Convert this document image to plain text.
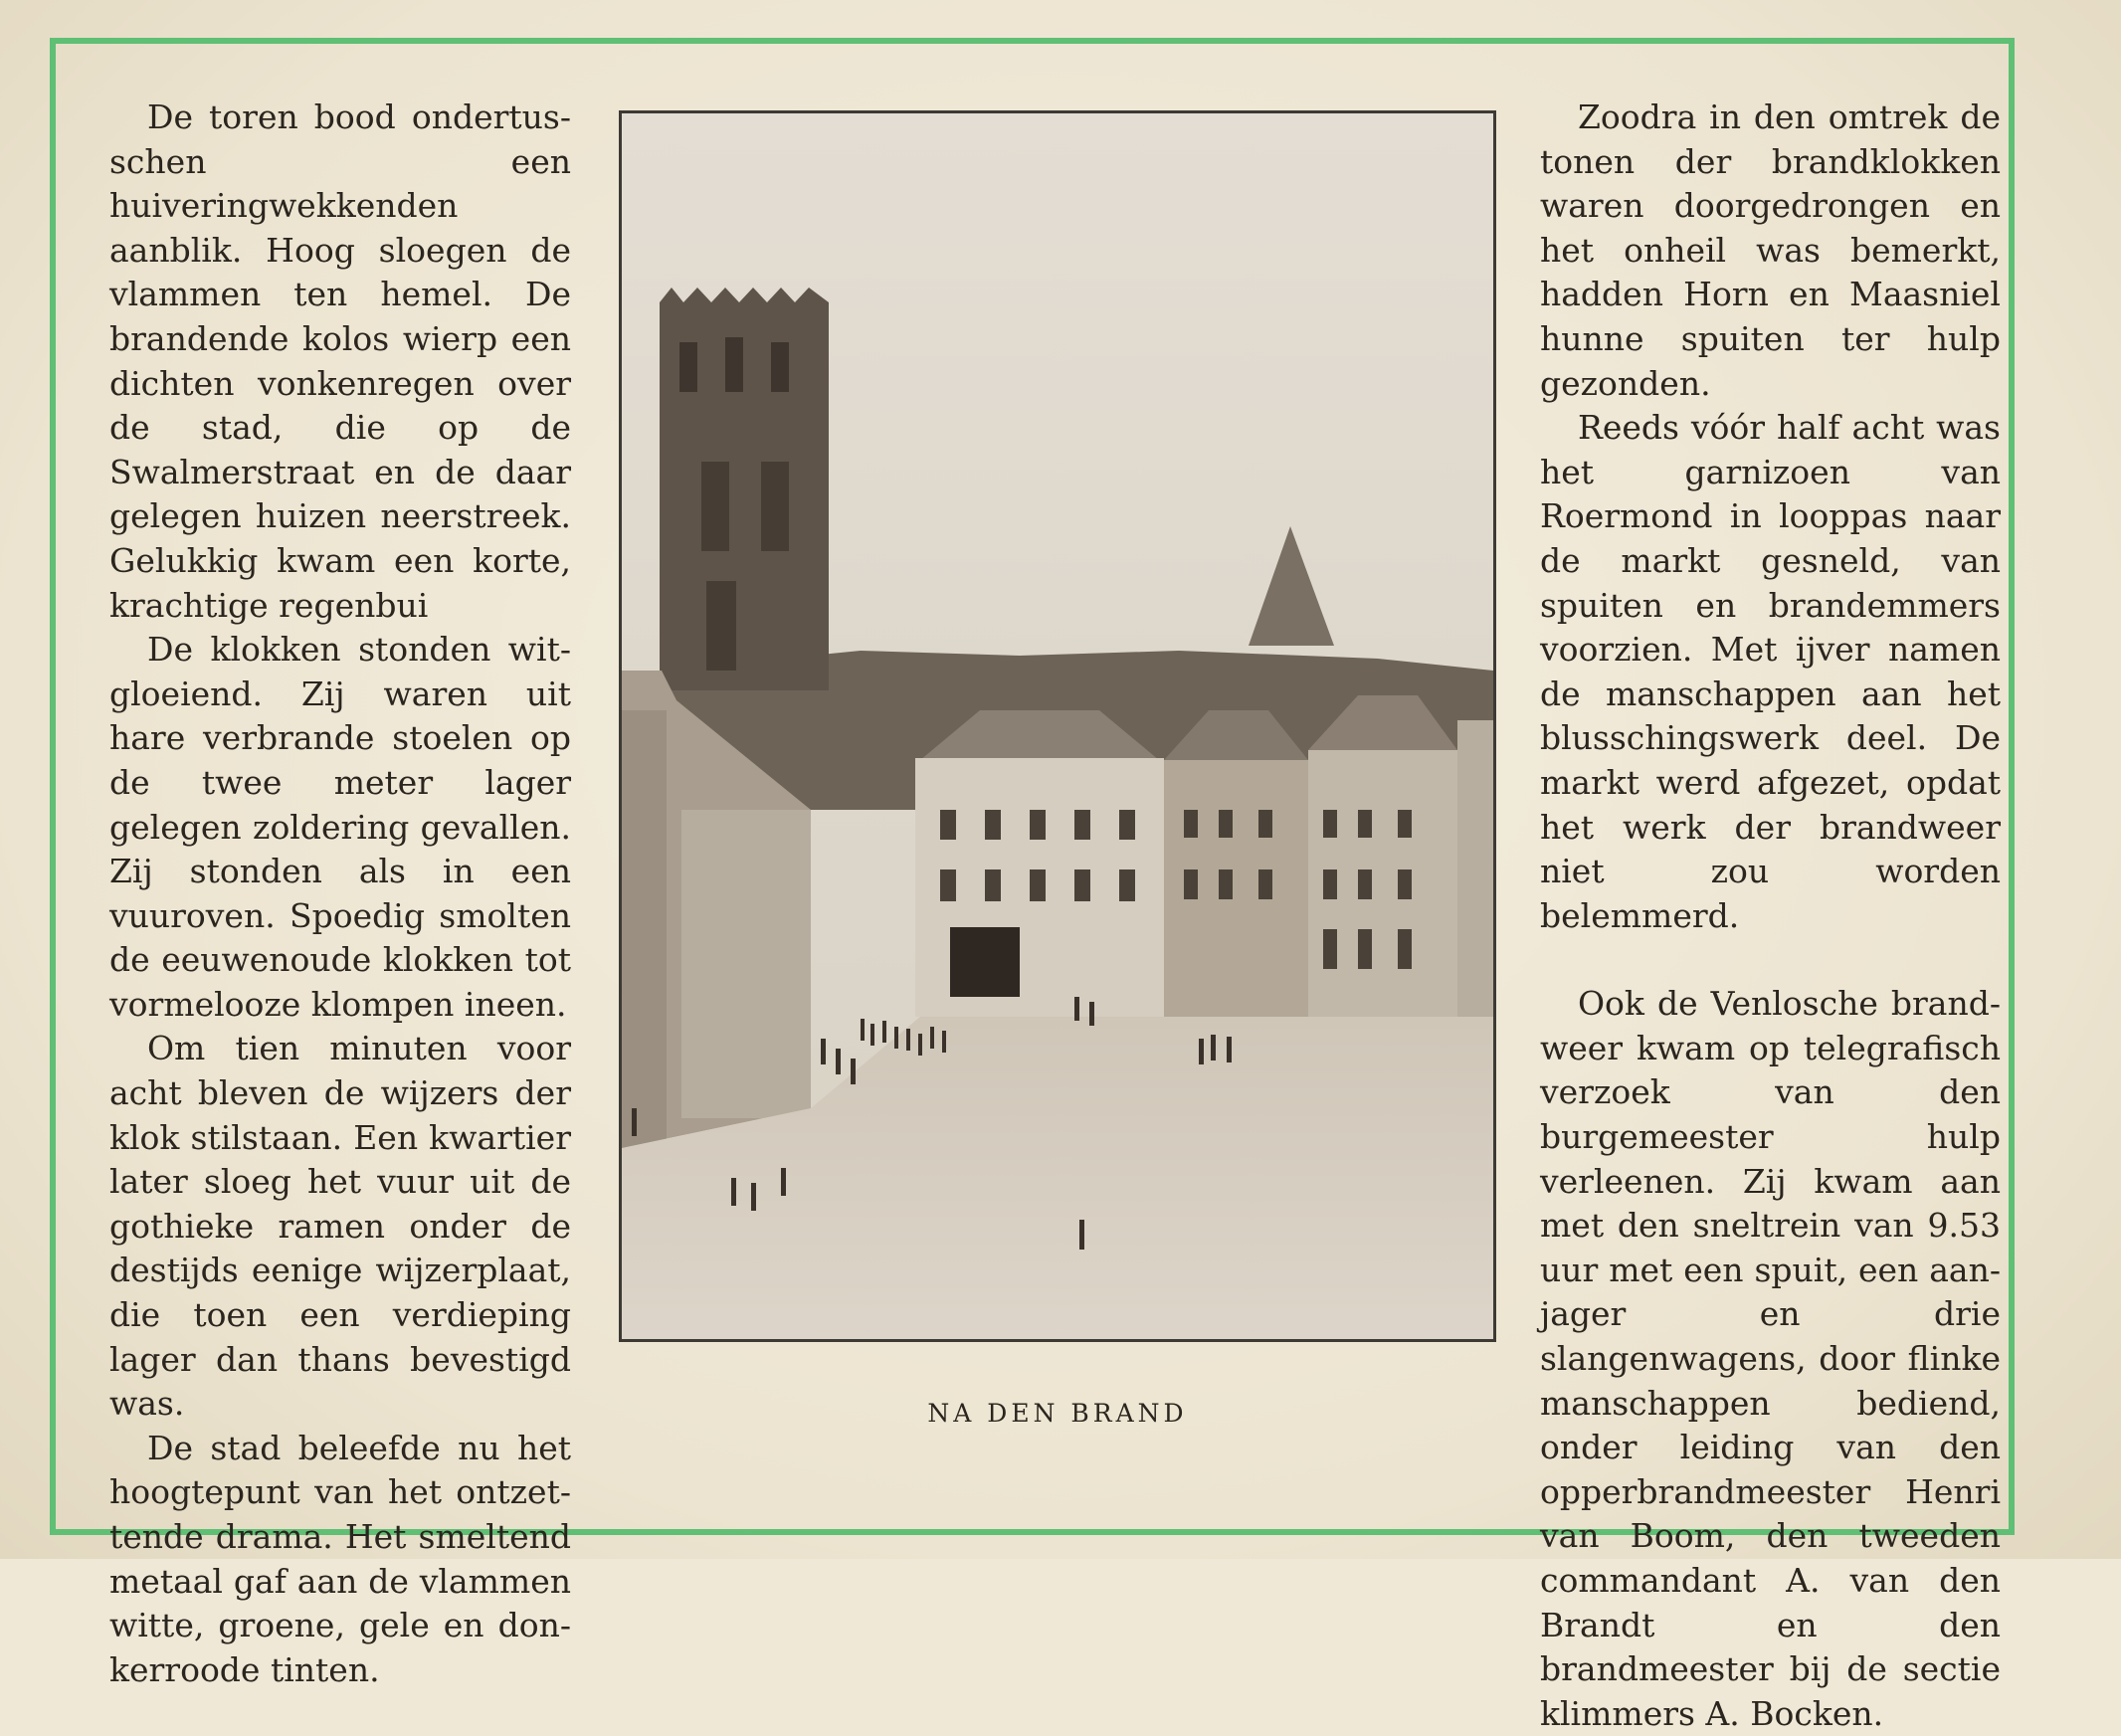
De toren bood ondertusschen een huiveringwekkenden aanblik. Hoog sloegen de vlammen ten hemel. De brandende kolos wierp een dichten vonkenregen over de stad, die op de Swalmerstraat en de daar gelegen huizen neerstreek. Gelukkig kwam een korte, krachtige regenbui

De klokken stonden witgloeiend. Zij waren uit hare verbrande stoelen op de twee meter lager gelegen zoldering gevallen. Zij stonden als in een vuuroven. Spoedig smolten de eeuwenoude klokken tot vormelooze klompen ineen.

Om tien minuten voor acht bleven de wijzers der klok stilstaan. Een kwartier later sloeg het vuur uit de gothieke ramen onder de destijds eenige wijzerplaat, die toen een verdieping lager dan thans bevestigd was.

De stad beleefde nu het hoogtepunt van het ontzettende drama. Het smeltend metaal gaf aan de vlammen witte, groene, gele en donkerroode tinten.

NA DEN BRAND

Zoodra in den omtrek de tonen der brandklokken waren doorgedrongen en het onheil was bemerkt, hadden Horn en Maasniel hunne spuiten ter hulp gezonden.

Reeds vóór half acht was het garnizoen van Roermond in looppas naar de markt gesneld, van spuiten en brandemmers voorzien. Met ijver namen de manschappen aan het blusschingswerk deel. De markt werd afgezet, opdat het werk der brandweer niet zou worden belemmerd.

Ook de Venlosche brandweer kwam op telegrafisch verzoek van den burgemeester hulp verleenen. Zij kwam aan met den sneltrein van 9.53 uur met een spuit, een aanjager en drie slangenwagens, door flinke manschappen bediend, onder leiding van den opperbrandmeester Henri van Boom, den tweeden commandant A. van den Brandt en den brandmeester bij de sectie klimmers A. Bocken.
